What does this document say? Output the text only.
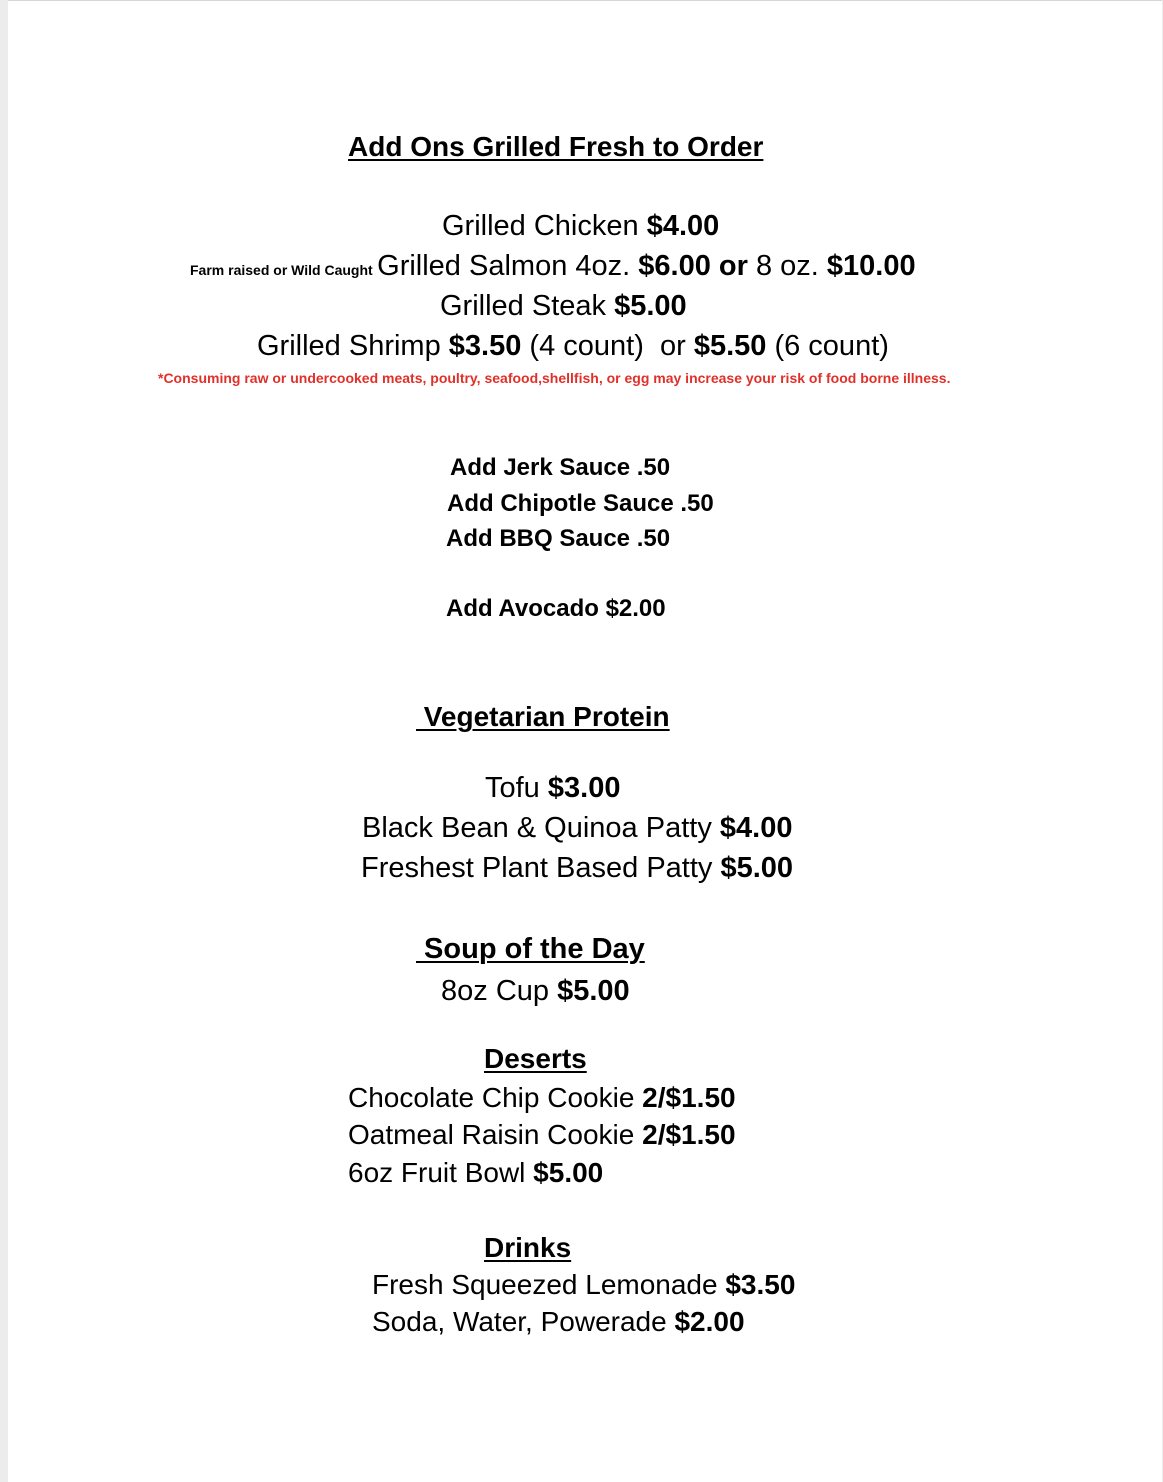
Add Ons Grilled Fresh to Order
Grilled Chicken $4.00
Farm raised or Wild Caught Grilled Salmon 4oz. $6.00 or 8 oz. $10.00
Grilled Steak $5.00
Grilled Shrimp $3.50 (4 count)  or $5.50 (6 count)
*Consuming raw or undercooked meats, poultry, seafood,shellfish, or egg may increase your risk of food borne illness.
Add Jerk Sauce .50
Add Chipotle Sauce .50
Add BBQ Sauce .50
Add Avocado $2.00
Vegetarian Protein
Tofu $3.00
Black Bean & Quinoa Patty $4.00
Freshest Plant Based Patty $5.00
Soup of the Day
8oz Cup $5.00
Deserts
Chocolate Chip Cookie 2/$1.50
Oatmeal Raisin Cookie 2/$1.50
6oz Fruit Bowl $5.00
Drinks
Fresh Squeezed Lemonade $3.50
Soda, Water, Powerade $2.00
